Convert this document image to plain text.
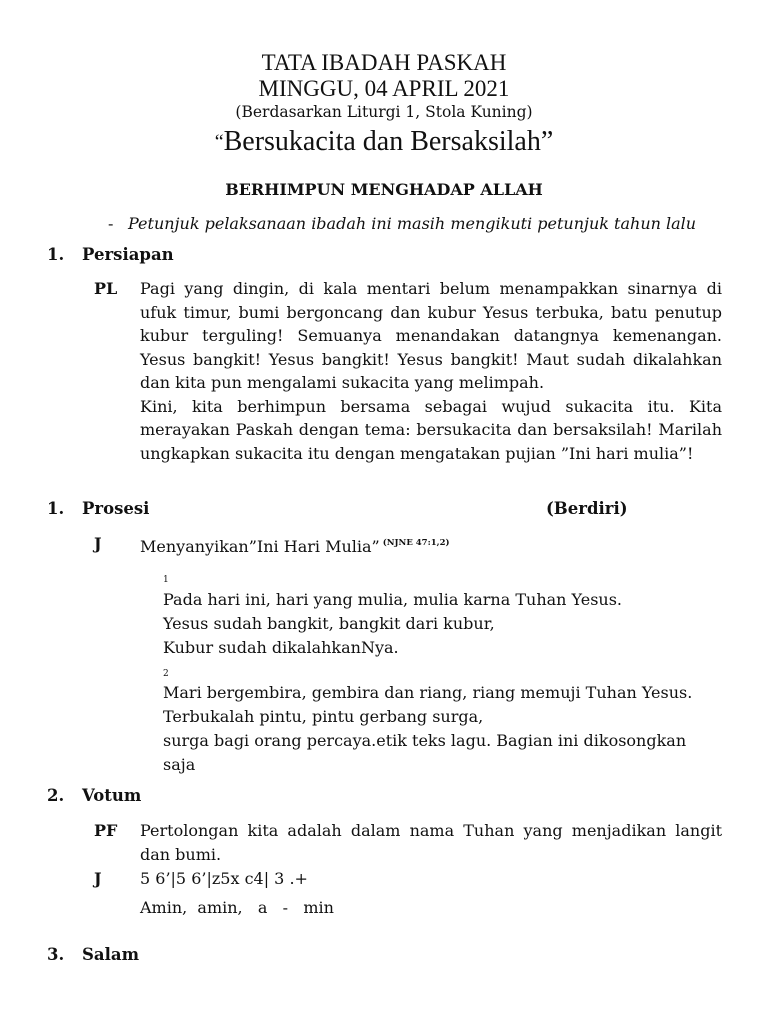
TATA IBADAH PASKAH
MINGGU, 04 APRIL 2021
(Berdasarkan Liturgi 1, Stola Kuning)
“Bersukacita dan Bersaksilah”
BERHIMPUN MENGHADAP ALLAH
- Petunjuk pelaksanaan ibadah ini masih mengikuti petunjuk tahun lalu
1. Persiapan
PL Pagi yang dingin, di kala mentari belum menampakkan sinarnya di ufuk timur, bumi bergoncang dan kubur Yesus terbuka, batu penutup kubur terguling! Semuanya menandakan datangnya kemenangan. Yesus bangkit! Yesus bangkit! Yesus bangkit! Maut sudah dikalahkan dan kita pun mengalami sukacita yang melimpah.

Kini, kita berhimpun bersama sebagai wujud sukacita itu. Kita merayakan Paskah dengan tema: bersukacita dan bersaksilah! Marilah ungkapkan sukacita itu dengan mengatakan pujian ”Ini hari mulia”!

1. Prosesi	(Berdiri)
J Menyanyikan”Ini Hari Mulia” $^{(NJNE 47:1,2)}$
1
Pada hari ini, hari yang mulia, mulia karna Tuhan Yesus.
Yesus sudah bangkit, bangkit dari kubur,
Kubur sudah dikalahkanNya.
2
Mari bergembira, gembira dan riang, riang memuji Tuhan Yesus.
Terbukalah pintu, pintu gerbang surga,
surga bagi orang percaya.etik teks lagu. Bagian ini dikosongkan
saja
2. Votum
PF Pertolongan kita adalah dalam nama Tuhan yang menjadikan langit dan bumi.
J 5 6’|5 6’|z5x c4| 3 .+
Amin,  amin,   a   -   min
3. Salam
